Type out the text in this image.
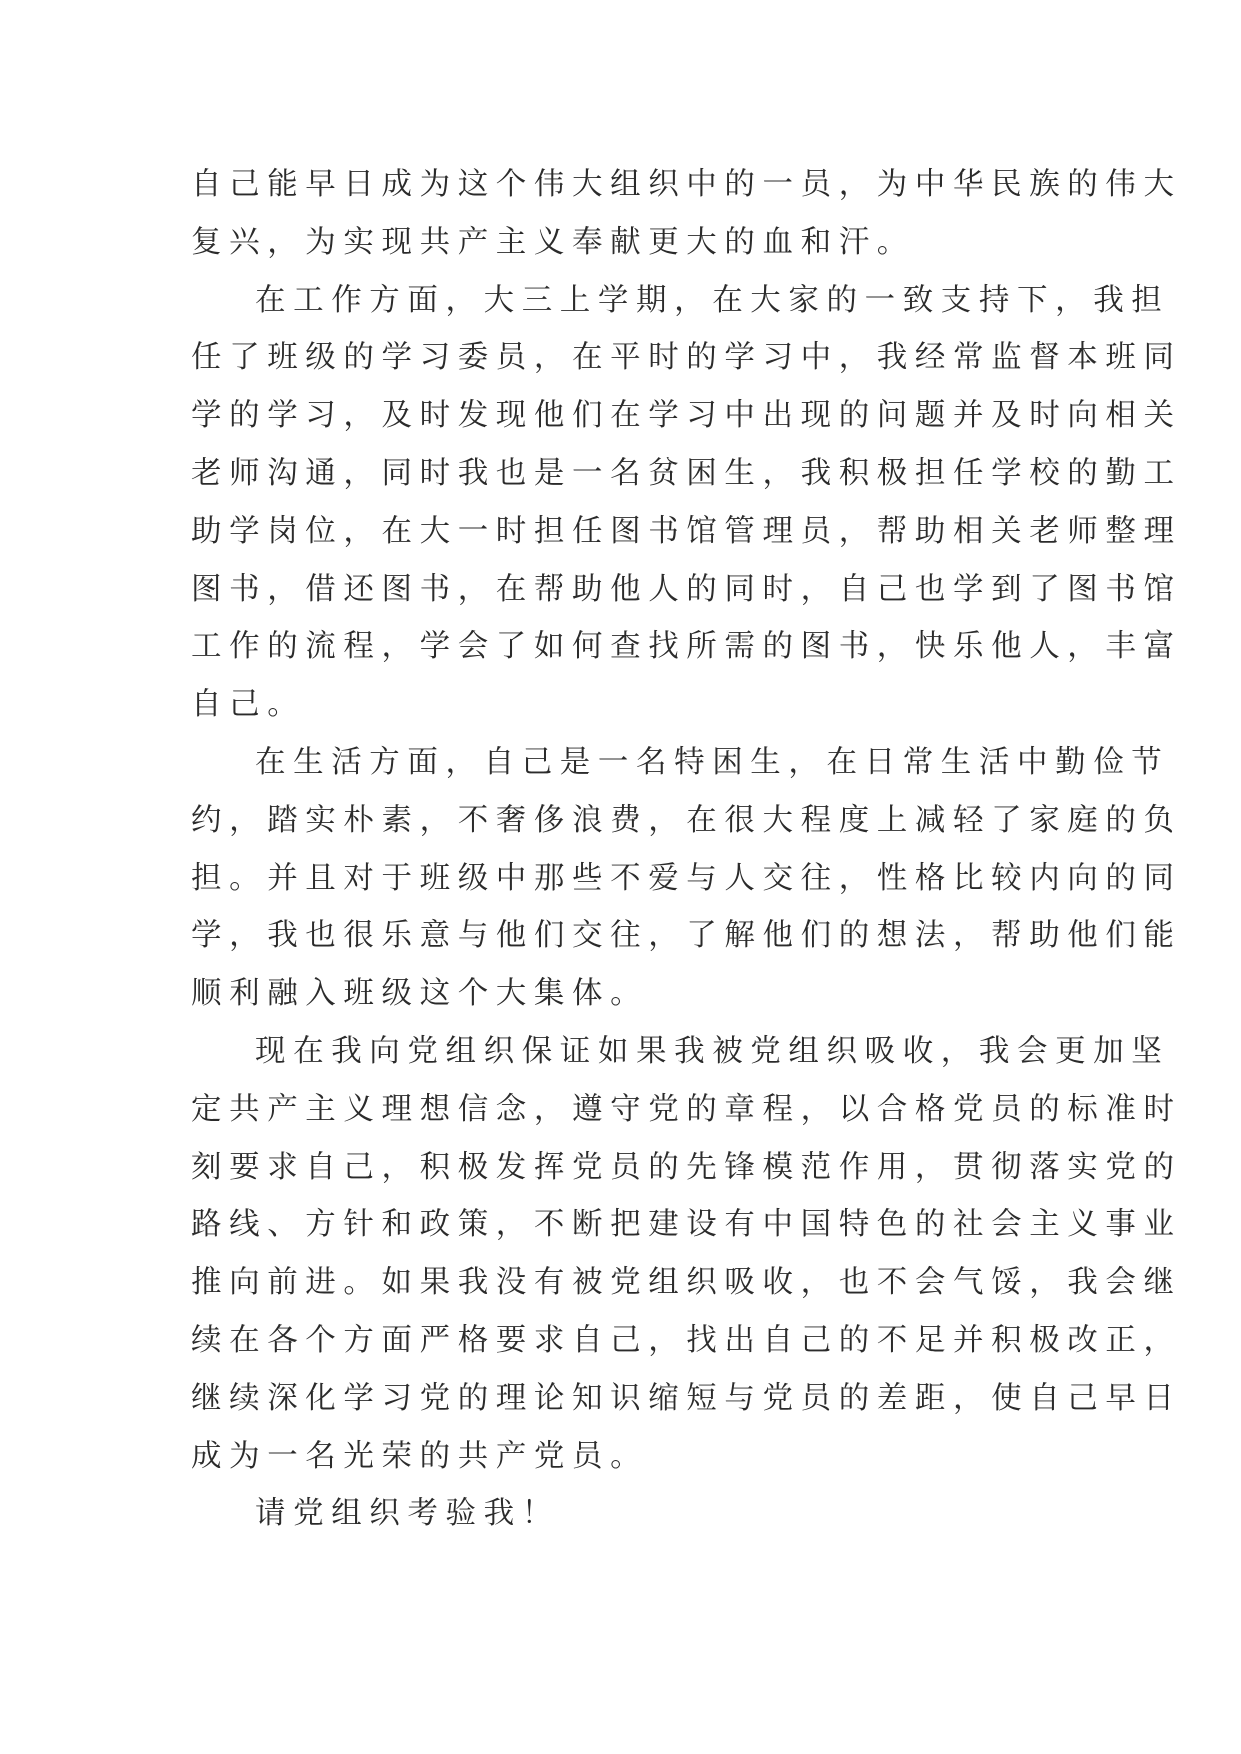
自己能早日成为这个伟大组织中的一员，为中华民族的伟大
复兴，为实现共产主义奉献更大的血和汗。
在工作方面，大三上学期，在大家的一致支持下，我担
任了班级的学习委员，在平时的学习中，我经常监督本班同
学的学习，及时发现他们在学习中出现的问题并及时向相关
老师沟通，同时我也是一名贫困生，我积极担任学校的勤工
助学岗位，在大一时担任图书馆管理员，帮助相关老师整理
图书，借还图书，在帮助他人的同时，自己也学到了图书馆
工作的流程，学会了如何查找所需的图书，快乐他人，丰富
自己。
在生活方面，自己是一名特困生，在日常生活中勤俭节
约，踏实朴素，不奢侈浪费，在很大程度上减轻了家庭的负
担。并且对于班级中那些不爱与人交往，性格比较内向的同
学，我也很乐意与他们交往，了解他们的想法，帮助他们能
顺利融入班级这个大集体。
现在我向党组织保证如果我被党组织吸收，我会更加坚
定共产主义理想信念，遵守党的章程，以合格党员的标准时
刻要求自己，积极发挥党员的先锋模范作用，贯彻落实党的
路线、方针和政策，不断把建设有中国特色的社会主义事业
推向前进。如果我没有被党组织吸收，也不会气馁，我会继
续在各个方面严格要求自己，找出自己的不足并积极改正，
继续深化学习党的理论知识缩短与党员的差距，使自己早日
成为一名光荣的共产党员。
请党组织考验我！
